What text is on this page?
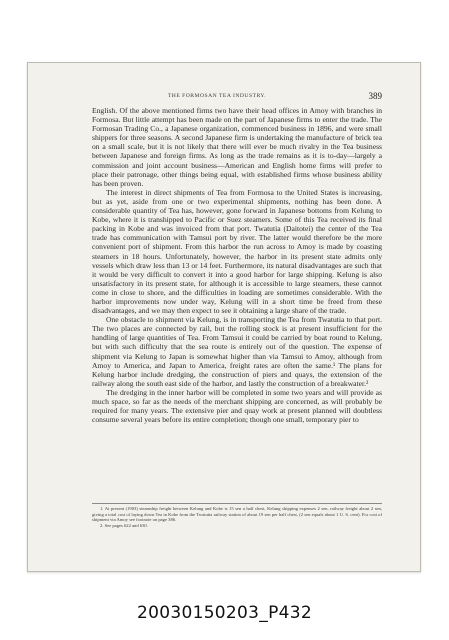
THE FORMOSAN TEA INDUSTRY.	389

English. Of the above mentioned firms two have their head offices in Amoy with branches in Formosa. But little attempt has been made on the part of Japanese firms to enter the trade. The Formosan Trading Co., a Japanese organization, commenced business in 1896, and were small shippers for three seasons. A second Japanese firm is undertaking the manufacture of brick tea on a small scale, but it is not likely that there will ever be much rivalry in the Tea business between Japanese and foreign firms. As long as the trade remains as it is to-day—largely a commission and joint account business—American and English home firms will prefer to place their patronage, other things being equal, with established firms whose business ability has been proven.

The interest in direct shipments of Tea from Formosa to the United States is increasing, but as yet, aside from one or two experimental shipments, nothing has been done. A considerable quantity of Tea has, however, gone forward in Japanese bottoms from Kelung to Kobe, where it is transhipped to Pacific or Suez steamers. Some of this Tea received its final packing in Kobe and was invoiced from that port. Twatutia (Daitotei) the center of the Tea trade has communication with Tamsui port by river. The latter would therefore be the more convenient port of shipment. From this harbor the run across to Amoy is made by coasting steamers in 18 hours. Unfortunately, however, the harbor in its present state admits only vessels which draw less than 13 or 14 feet. Furthermore, its natural disadvantages are such that it would be very difficult to convert it into a good harbor for large shipping. Kelung is also unsatisfactory in its present state, for although it is accessible to large steamers, these cannot come in close to shore, and the difficulties in loading are sometimes considerable. With the harbor improvements now under way, Kelung will in a short time be freed from these disadvantages, and we may then expect to see it obtaining a large share of the trade.

One obstacle to shipment via Kelung, is in transporting the Tea from Twatutia to that port. The two places are connected by rail, but the rolling stock is at present insufficient for the handling of large quantities of Tea. From Tamsui it could be carried by boat round to Kelung, but with such difficulty that the sea route is entirely out of the question. The expense of shipment via Kelung to Japan is somewhat higher than via Tamsui to Amoy, although from Amoy to America, and Japan to America, freight rates are often the same.¹ The plans for Kelung harbor include dredging, the construction of piers and quays, the extension of the railway along the south east side of the harbor, and lastly the construction of a breakwater.²

The dredging in the inner harbor will be completed in some two years and will provide as much space, so far as the needs of the merchant shipping are concerned, as will probably be required for many years. The extensive pier and quay work at present planned will doubtless consume several years before its entire completion; though one small, temporary pier to

1. At present (1903) steamship freight between Kelung and Kobe is 15 sen a half chest, Kelung shipping expenses 2 sen, railway freight about 2 sen, giving a total cost of laying down Tea in Kobe from the Twatutia railway station of about 19 sen per half chest, (2 sen equals about 1 U. S. cent). For cost of shipment via Amoy see footnote on page 386.

2. See pages 622 and 630.

20030150203_P432
